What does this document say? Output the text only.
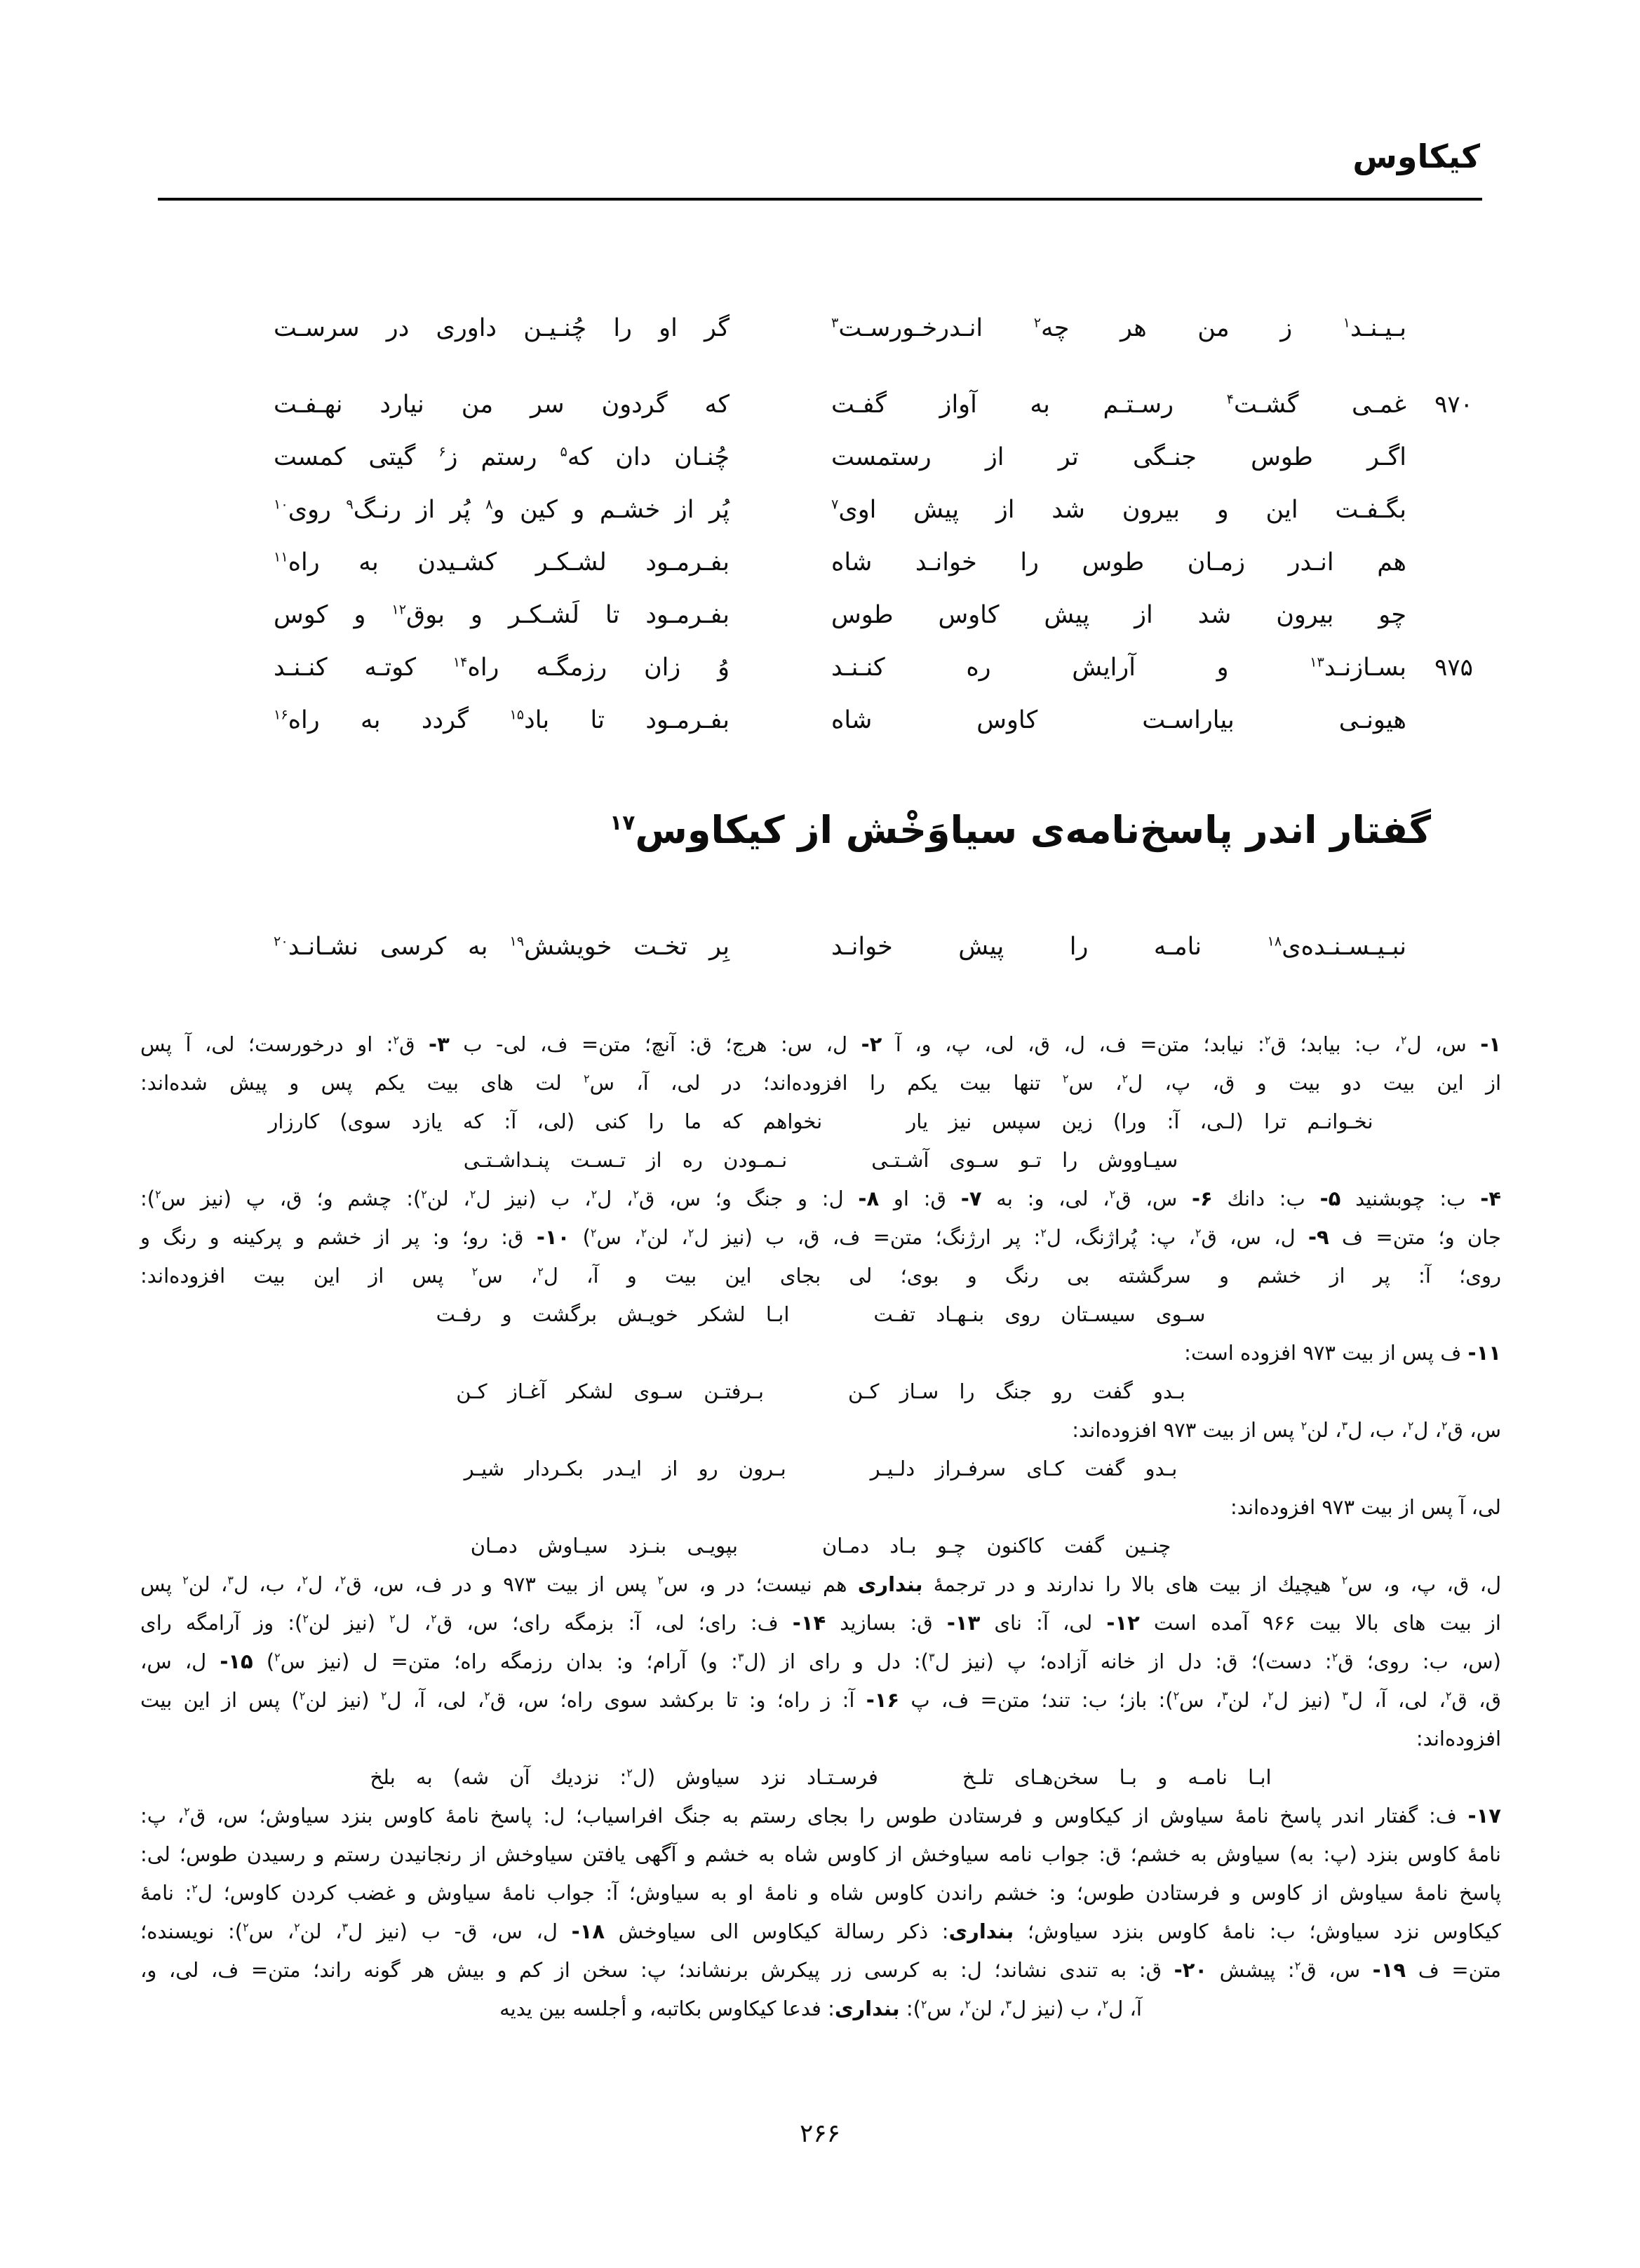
کیکاوس
بـیـنـد$^۱$ ز من هر چه$^۲$ انـدرخـورسـت$^۳$
گر او را چُنـیـن داوری در سرسـت
۹۷۰
غمـی گشـت$^۴$ رسـتـم به آواز گفـت
که گردون سر من نیارد نهـفـت
اگـر طوس جنـگی تر از رستمست
چُنـان دان که$^۵$ رستم ز$^۶$ گیتی کمست
بگـفـت این و بیرون شد از پیش اوی$^۷$
پُر از خشـم و کین و$^۸$ پُر از رنـگ$^۹$ روی$^{۱۰}$
هم انـدر زمـان طوس را خوانـد شاه
بفـرمـود لشـکـر کشـیدن به راه$^{۱۱}$
چو بیرون شد از پیش کاوس طوس
بفـرمـود تا لَشـکـر و بوق$^{۱۲}$ و کوس
۹۷۵
بسـازنـد$^{۱۳}$ و آرایش ره کنـنـد
وُ زان رزمگـه راه$^{۱۴}$ کوتـه کنـنـد
هیونـی بیاراسـت کاوس شاه
بفـرمـود تا باد$^{۱۵}$ گردد به راه$^{۱۶}$
گفتار اندر پاسخ‌نامه‌ی سیاوَخْش از کیکاوس$^{۱۷}$
نبـیـسـنـده‌ی$^{۱۸}$ نامـه را پیش خوانـد
بِر تخـت خویشش$^{۱۹}$ به کرسی نشـانـد$^{۲۰}$
۱- س، ل$^۲$، ب: بیابد؛ ق$^۲$: نیابد؛ متن= ف، ل، ق، لی، پ، و، آ ۲- ل، س: هرج؛ ق: آنچ؛ متن= ف، لی- ب ۳- ق$^۲$: او درخورست؛ لی، آ پس
از این بیت دو بیت و ق، پ، ل$^۲$، س$^۲$ تنها بیت یکم را افزوده‌اند؛ در لی، آ، س$^۲$ لت های بیت یکم پس و پیش شده‌اند:
نخـوانـم ترا (لـی، آ: ورا) زین سپس نیز یار
نخواهم که ما را کنی (لی، آ: که یازد سوی) کارزار
سیـاووش را تـو سـوی آشـتـی
نـمـودن ره از تـسـت پنـداشـتـی
۴- ب: چوبشنید ۵- ب: دانك ۶- س، ق$^۲$، لی، و: به ۷- ق: او ۸- ل: و جنگ و؛ س، ق$^۲$، ل$^۲$، ب (نیز ل$^۲$، لن$^۲$): چشم و؛ ق، پ (نیز س$^۲$):
جان و؛ متن= ف ۹- ل، س، ق$^۲$، پ: پُراژنگ، ل$^۲$: پر ارژنگ؛ متن= ف، ق، ب (نیز ل$^۲$، لن$^۲$، س$^۲$) ۱۰- ق: رو؛ و: پر از خشم و پرکینه و رنگ و
روی؛ آ: پر از خشم و سرگشته بی رنگ و بوی؛ لی بجای این بیت و آ، ل$^۲$، س$^۲$ پس از این بیت افزوده‌اند:
سـوی سیسـتان روی بنـهـاد تفـت
ابـا لشکر خویـش برگشت و رفـت
۱۱- ف پس از بیت ۹۷۳ افزوده است:
بـدو گفت رو جنگ را سـاز کـن
بـرفتـن سـوی لشکر آغـاز کـن
س، ق$^۲$، ل$^۲$، ب، ل$^۳$، لن$^۲$ پس از بیت ۹۷۳ افزوده‌اند:
بـدو گفت کـای سرفـراز دلـیـر
بـرون رو از ایـدر بکـردار شیـر
لی، آ پس از بیت ۹۷۳ افزوده‌اند:
چنـین گفت کاکنون چـو بـاد دمـان
بپویـی بنـزد سیـاوش دمـان
ل، ق، پ، و، س$^۲$ هیچیك از بیت های بالا را ندارند و در ترجمهٔ بنداری هم نیست؛ در و، س$^۲$ پس از بیت ۹۷۳ و در ف، س، ق$^۲$، ل$^۲$، ب، ل$^۳$، لن$^۲$ پس
از بیت های بالا بیت ۹۶۶ آمده است ۱۲- لی، آ: نای ۱۳- ق: بسازید ۱۴- ف: رای؛ لی، آ: بزمگه رای؛ س، ق$^۲$، ل$^۲$ (نیز لن$^۲$): وز آرامگه رای
(س، ب: روی؛ ق$^۲$: دست)؛ ق: دل از خانه آزاده؛ پ (نیز ل$^۳$): دل و رای از (ل$^۳$: و) آرام؛ و: بدان رزمگه راه؛ متن= ل (نیز س$^۲$) ۱۵- ل، س،
ق، ق$^۲$، لی، آ، ل$^۳$ (نیز ل$^۲$، لن$^۳$، س$^۲$): باز؛ ب: تند؛ متن= ف، پ ۱۶- آ: ز راه؛ و: تا برکشد سوی راه؛ س، ق$^۲$، لی، آ، ل$^۲$ (نیز لن$^۲$) پس از این بیت
افزوده‌اند:
ابـا نامـه و بـا سخن‌هـای تلـخ
فرسـتـاد نزد سیاوش (ل$^۲$: نزدیك آن شه) به بلخ
۱۷- ف: گفتار اندر پاسخ نامهٔ سیاوش از کیکاوس و فرستادن طوس را بجای رستم به جنگ افراسیاب؛ ل: پاسخ نامهٔ کاوس بنزد سیاوش؛ س، ق$^۲$، پ:
نامهٔ کاوس بنزد (پ: به) سیاوش به خشم؛ ق: جواب نامه سیاوخش از کاوس شاه به خشم و آگهی یافتن سیاوخش از رنجانیدن رستم و رسیدن طوس؛ لی:
پاسخ نامهٔ سیاوش از کاوس و فرستادن طوس؛ و: خشم راندن کاوس شاه و نامهٔ او به سیاوش؛ آ: جواب نامهٔ سیاوش و غضب کردن کاوس؛ ل$^۲$: نامهٔ
کیکاوس نزد سیاوش؛ ب: نامهٔ کاوس بنزد سیاوش؛ بنداری: ذکر رسالة کیکاوس الی سیاوخش ۱۸- ل، س، ق- ب (نیز ل$^۳$، لن$^۲$، س$^۲$): نویسنده؛
متن= ف ۱۹- س، ق$^۲$: پیشش ۲۰- ق: به تندی نشاند؛ ل: به کرسی زر پیکرش برنشاند؛ پ: سخن از کم و بیش هر گونه راند؛ متن= ف، لی، و،
آ، ل$^۲$، ب (نیز ل$^۳$، لن$^۲$، س$^۲$): بنداری: فدعا کیکاوس بکاتبه، و أجلسه بین یدیه
۲۶۶
